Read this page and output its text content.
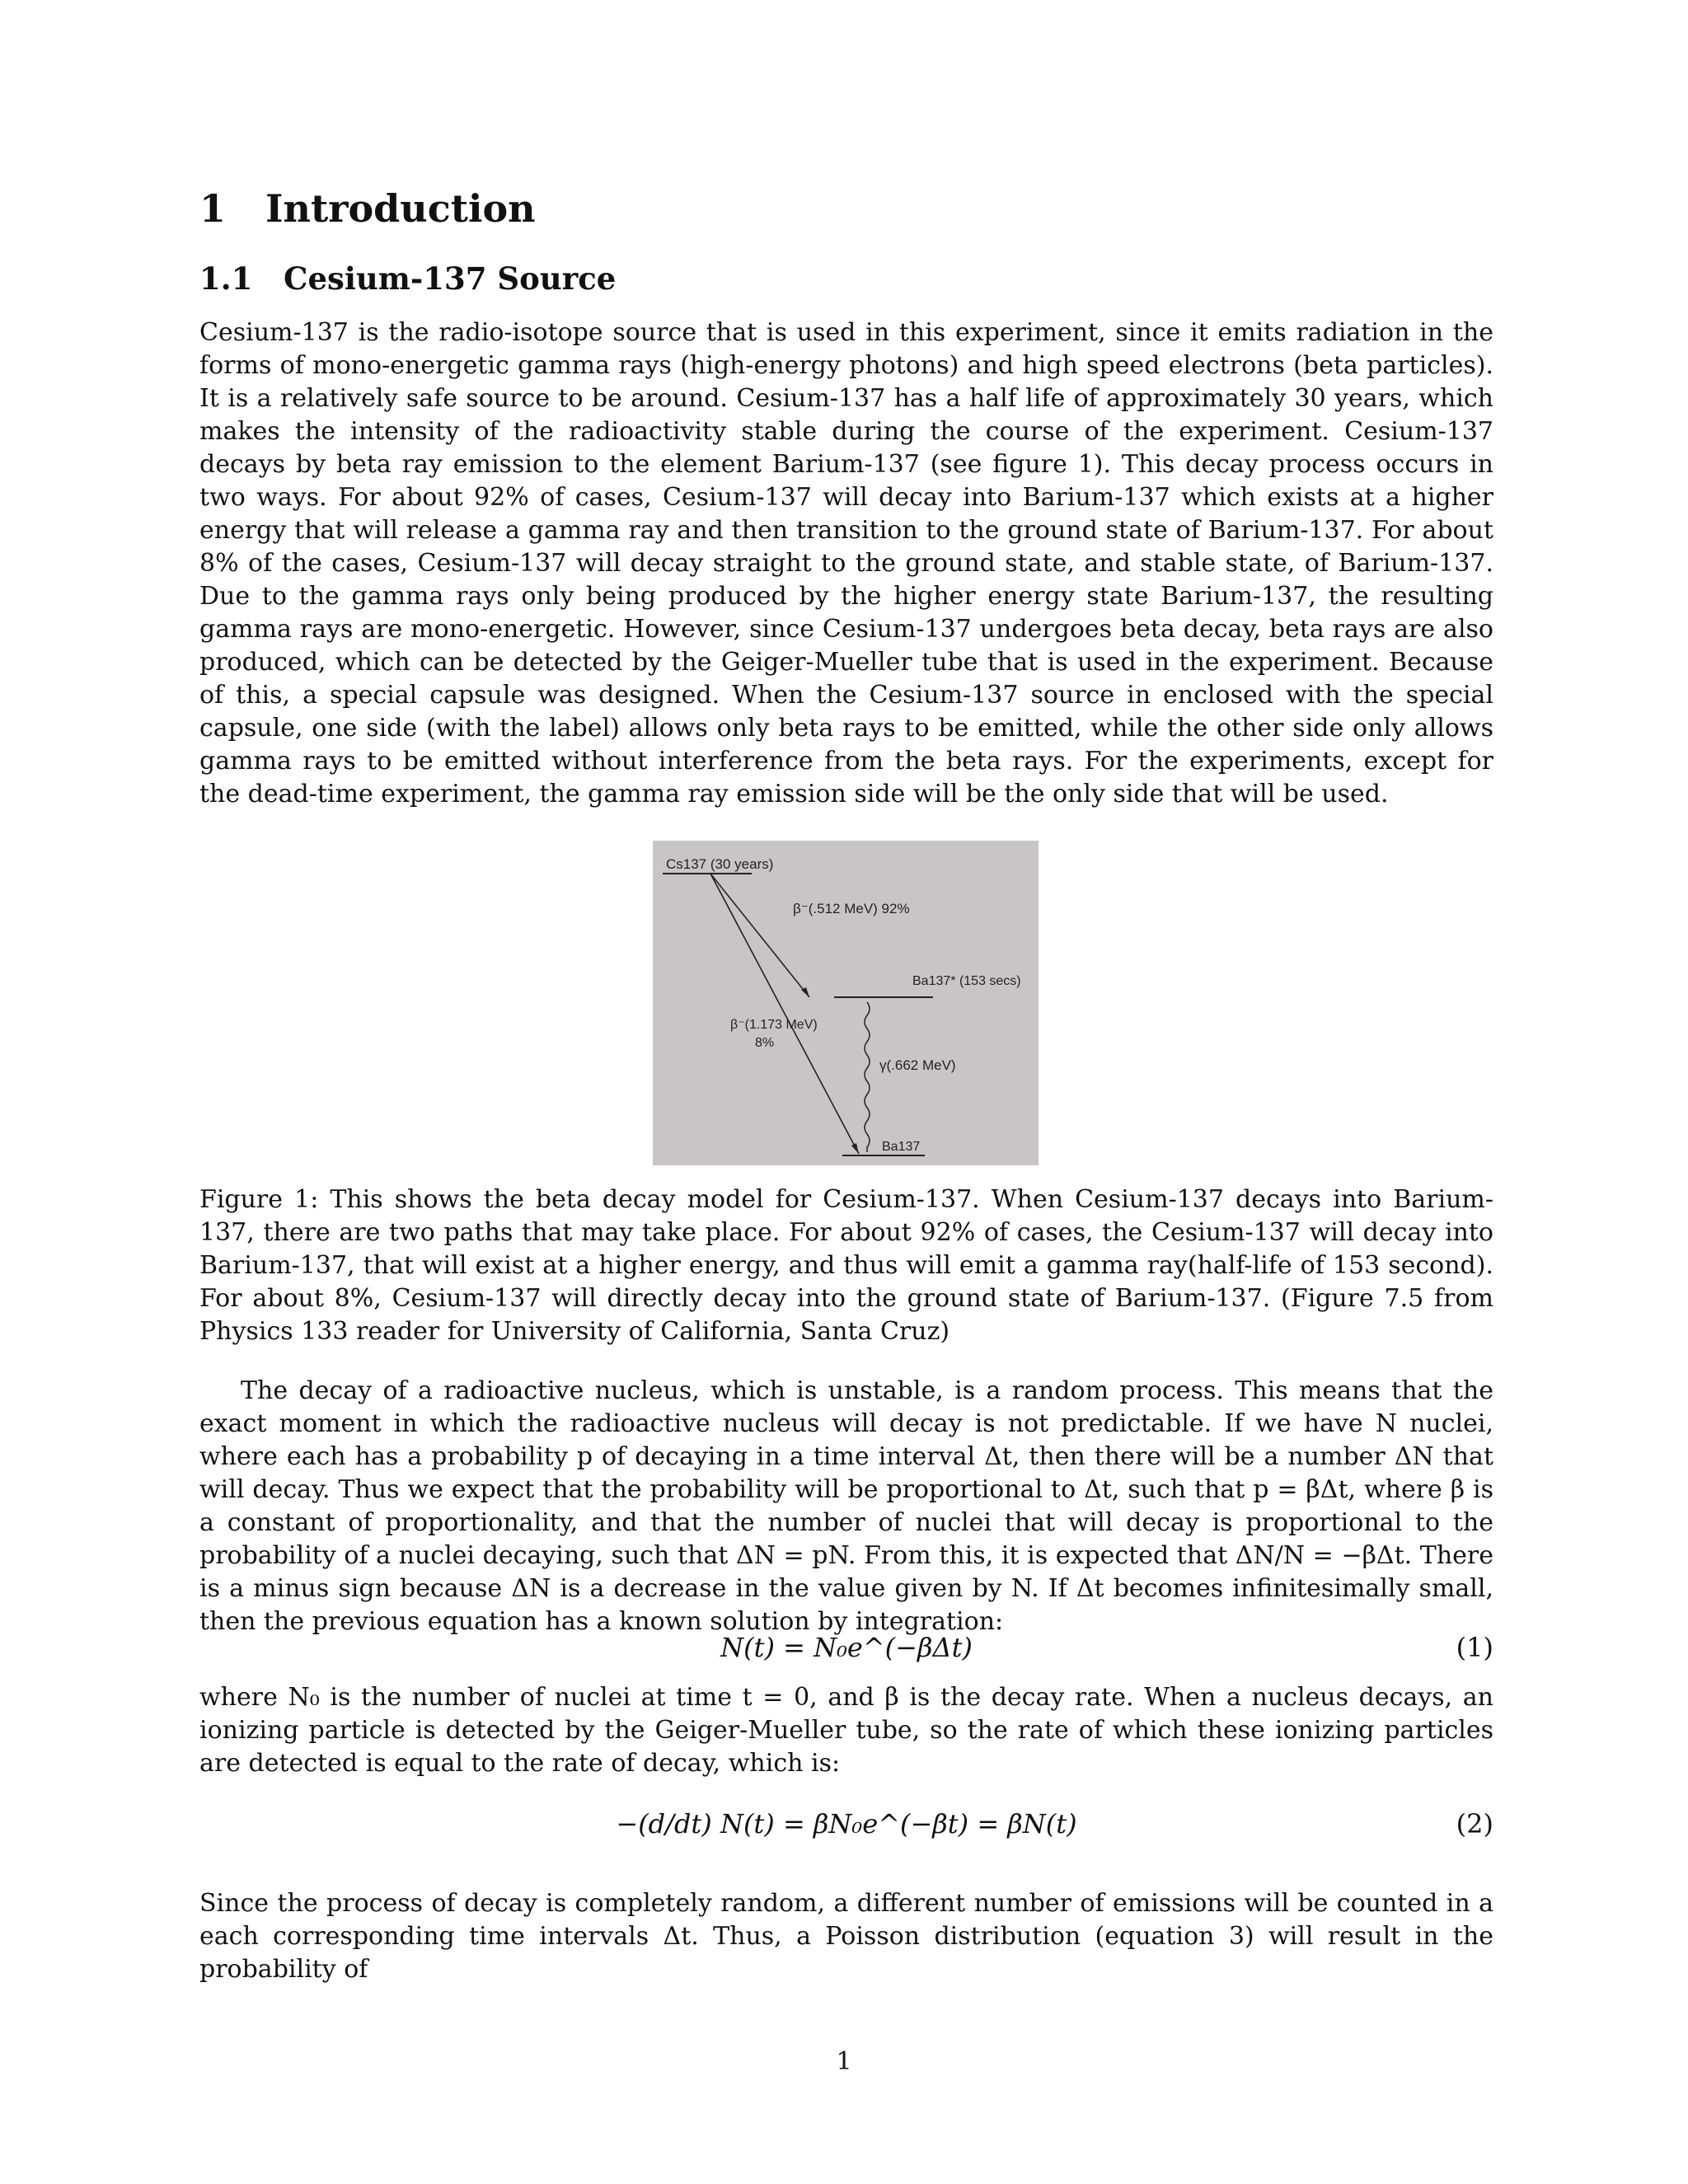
1 Introduction
1.1 Cesium-137 Source

Cesium-137 is the radio-isotope source that is used in this experiment, since it emits radiation in the forms of mono-energetic gamma rays (high-energy photons) and high speed electrons (beta particles). It is a relatively safe source to be around. Cesium-137 has a half life of approximately 30 years, which makes the intensity of the radioactivity stable during the course of the experiment. Cesium-137 decays by beta ray emission to the element Barium-137 (see figure 1). This decay process occurs in two ways. For about 92% of cases, Cesium-137 will decay into Barium-137 which exists at a higher energy that will release a gamma ray and then transition to the ground state of Barium-137. For about 8% of the cases, Cesium-137 will decay straight to the ground state, and stable state, of Barium-137. Due to the gamma rays only being produced by the higher energy state Barium-137, the resulting gamma rays are mono-energetic. However, since Cesium-137 undergoes beta decay, beta rays are also produced, which can be detected by the Geiger-Mueller tube that is used in the experiment. Because of this, a special capsule was designed. When the Cesium-137 source in enclosed with the special capsule, one side (with the label) allows only beta rays to be emitted, while the other side only allows gamma rays to be emitted without interference from the beta rays. For the experiments, except for the dead-time experiment, the gamma ray emission side will be the only side that will be used.

Cs137 (30 years)
β⁻(.512 MeV) 92%
Ba137* (153 secs)
β⁻(1.173 MeV)
8%
γ(.662 MeV)
Ba137

Figure 1: This shows the beta decay model for Cesium-137. When Cesium-137 decays into Barium-137, there are two paths that may take place. For about 92% of cases, the Cesium-137 will decay into Barium-137, that will exist at a higher energy, and thus will emit a gamma ray(half-life of 153 second). For about 8%, Cesium-137 will directly decay into the ground state of Barium-137. (Figure 7.5 from Physics 133 reader for University of California, Santa Cruz)

The decay of a radioactive nucleus, which is unstable, is a random process. This means that the exact moment in which the radioactive nucleus will decay is not predictable. If we have N nuclei, where each has a probability p of decaying in a time interval Δt, then there will be a number ΔN that will decay. Thus we expect that the probability will be proportional to Δt, such that p = βΔt, where β is a constant of proportionality, and that the number of nuclei that will decay is proportional to the probability of a nuclei decaying, such that ΔN = pN. From this, it is expected that ΔN/N = −βΔt. There is a minus sign because ΔN is a decrease in the value given by N. If Δt becomes infinitesimally small, then the previous equation has a known solution by integration:

N(t) = N₀e^(−βΔt)	(1)

where N₀ is the number of nuclei at time t = 0, and β is the decay rate. When a nucleus decays, an ionizing particle is detected by the Geiger-Mueller tube, so the rate of which these ionizing particles are detected is equal to the rate of decay, which is:

−(d/dt) N(t) = βN₀e^(−βt) = βN(t)	(2)

Since the process of decay is completely random, a different number of emissions will be counted in a each corresponding time intervals Δt. Thus, a Poisson distribution (equation 3) will result in the probability of

1
